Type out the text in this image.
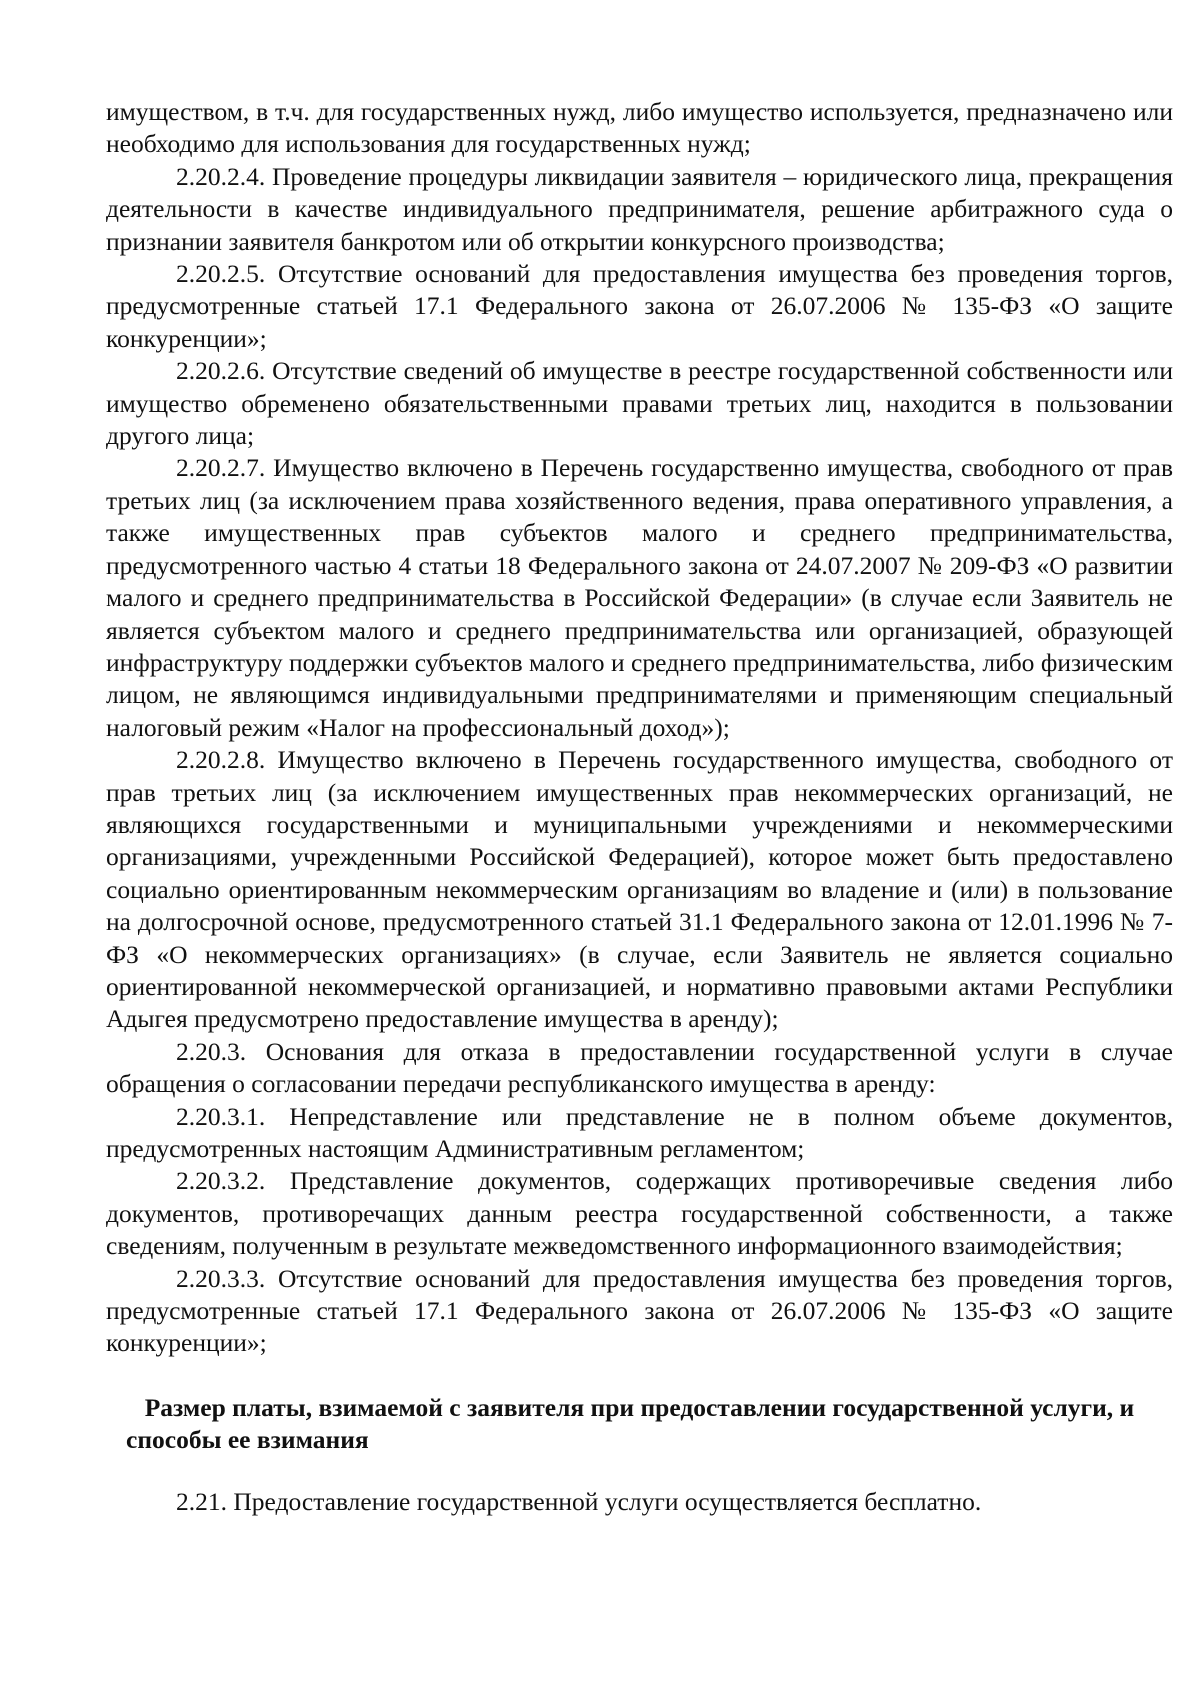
имуществом, в т.ч. для государственных нужд, либо имущество используется, предназначено или необходимо для использования для государственных нужд;

2.20.2.4. Проведение процедуры ликвидации заявителя – юридического лица, прекращения деятельности в качестве индивидуального предпринимателя, решение арбитражного суда о признании заявителя банкротом или об открытии конкурсного производства;

2.20.2.5. Отсутствие оснований для предоставления имущества без проведения торгов, предусмотренные статьей 17.1 Федерального закона от 26.07.2006 № 135-ФЗ «О защите конкуренции»;

2.20.2.6. Отсутствие сведений об имуществе в реестре государственной собственности или имущество обременено обязательственными правами третьих лиц, находится в пользовании другого лица;

2.20.2.7. Имущество включено в Перечень государственно имущества, свободного от прав третьих лиц (за исключением права хозяйственного ведения, права оперативного управления, а также имущественных прав субъектов малого и среднего предпринимательства, предусмотренного частью 4 статьи 18 Федерального закона от 24.07.2007 № 209-ФЗ «О развитии малого и среднего предпринимательства в Российской Федерации» (в случае если Заявитель не является субъектом малого и среднего предпринимательства или организацией, образующей инфраструктуру поддержки субъектов малого и среднего предпринимательства, либо физическим лицом, не являющимся индивидуальными предпринимателями и применяющим специальный налоговый режим «Налог на профессиональный доход»);

2.20.2.8. Имущество включено в Перечень государственного имущества, свободного от прав третьих лиц (за исключением имущественных прав некоммерческих организаций, не являющихся государственными и муниципальными учреждениями и некоммерческими организациями, учрежденными Российской Федерацией), которое может быть предоставлено социально ориентированным некоммерческим организациям во владение и (или) в пользование на долгосрочной основе, предусмотренного статьей 31.1 Федерального закона от 12.01.1996 № 7-ФЗ «О некоммерческих организациях» (в случае, если Заявитель не является социально ориентированной некоммерческой организацией, и нормативно правовыми актами Республики Адыгея предусмотрено предоставление имущества в аренду);

2.20.3. Основания для отказа в предоставлении государственной услуги в случае обращения о согласовании передачи республиканского имущества в аренду:

2.20.3.1. Непредставление или представление не в полном объеме документов, предусмотренных настоящим Административным регламентом;

2.20.3.2. Представление документов, содержащих противоречивые сведения либо документов, противоречащих данным реестра государственной собственности, а также сведениям, полученным в результате межведомственного информационного взаимодействия;

2.20.3.3. Отсутствие оснований для предоставления имущества без проведения торгов, предусмотренные статьей 17.1 Федерального закона от 26.07.2006 № 135-ФЗ «О защите конкуренции»;

Размер платы, взимаемой с заявителя при предоставлении государственной услуги, и способы ее взимания

2.21. Предоставление государственной услуги осуществляется бесплатно.
